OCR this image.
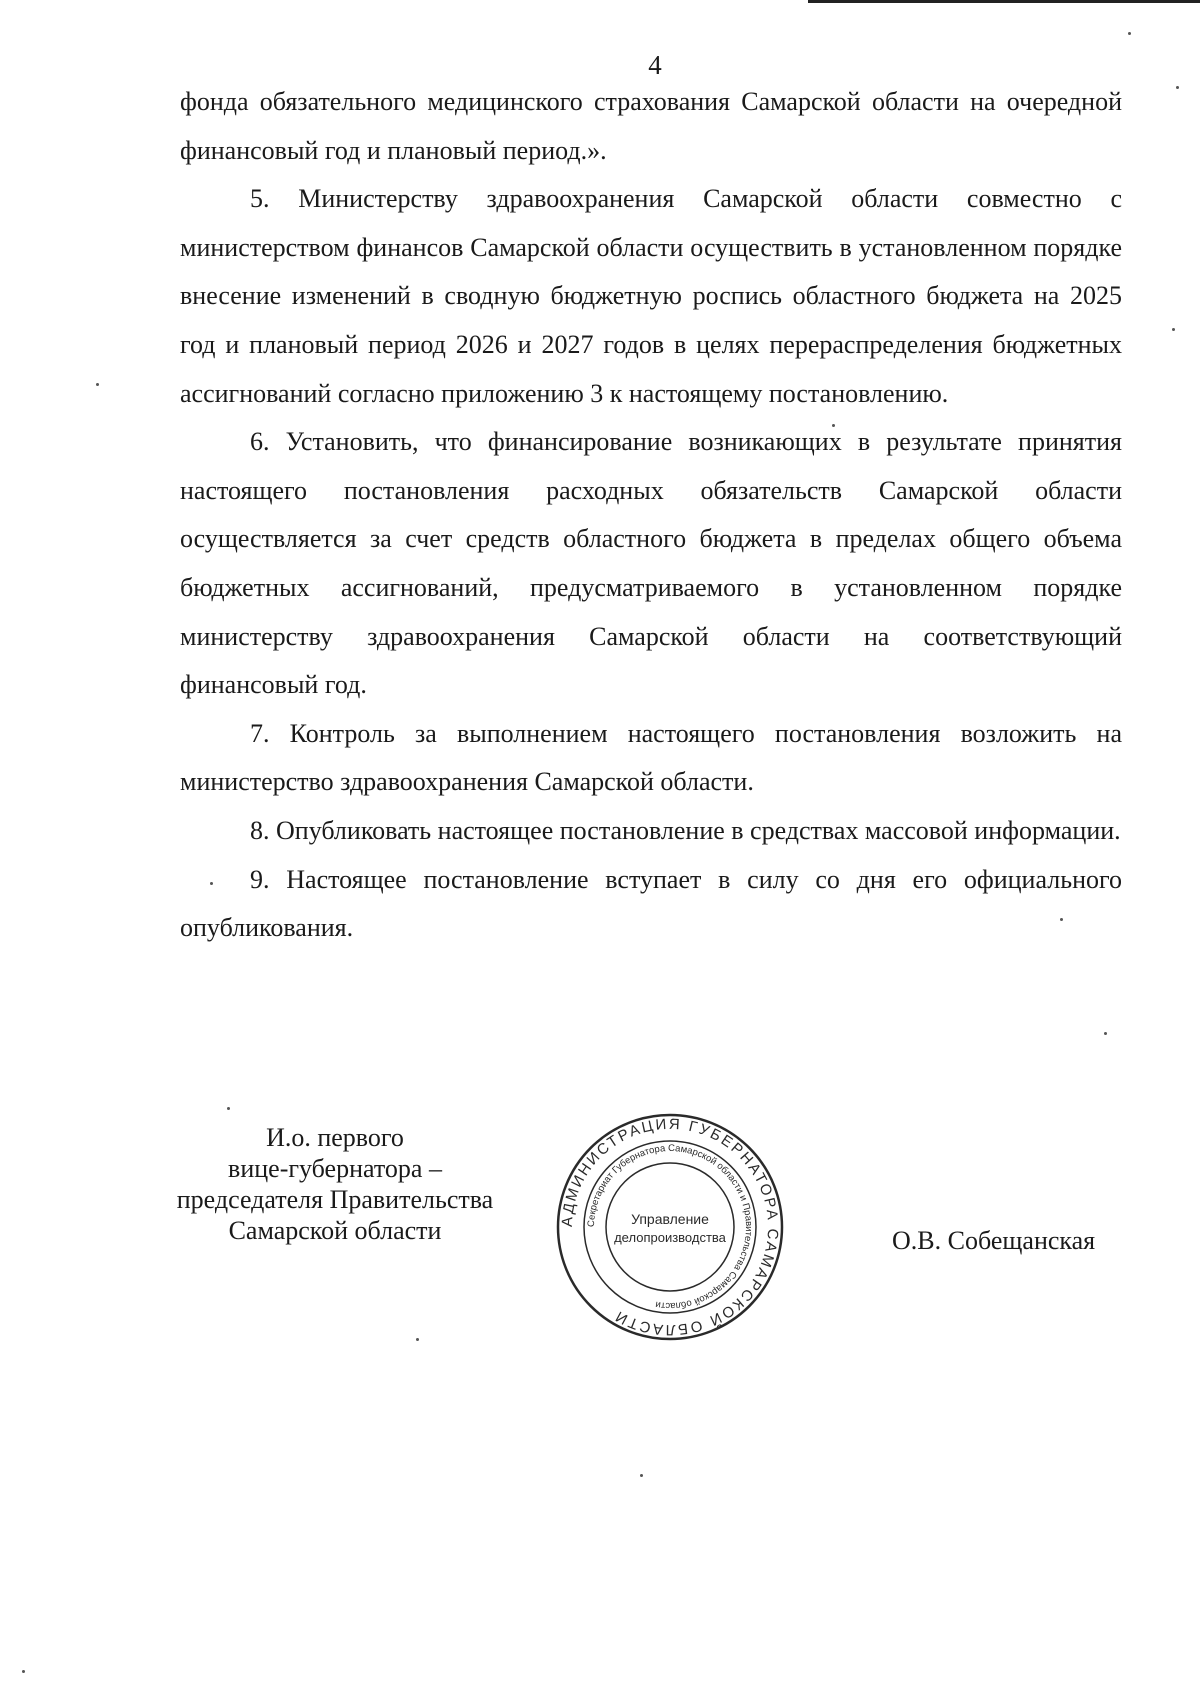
4

фонда обязательного медицинского страхования Самарской области на очередной финансовый год и плановый период.».

5. Министерству здравоохранения Самарской области совместно с министерством финансов Самарской области осуществить в установленном порядке внесение изменений в сводную бюджетную роспись областного бюджета на 2025 год и плановый период 2026 и 2027 годов в целях перераспределения бюджетных ассигнований согласно приложению 3 к настоящему постановлению.

6. Установить, что финансирование возникающих в результате принятия настоящего постановления расходных обязательств Самарской области осуществляется за счет средств областного бюджета в пределах общего объема бюджетных ассигнований, предусматриваемого в установленном порядке министерству здравоохранения Самарской области на соответствующий финансовый год.

7. Контроль за выполнением настоящего постановления возложить на министерство здравоохранения Самарской области.

8. Опубликовать настоящее постановление в средствах массовой информации.

9. Настоящее постановление вступает в силу со дня его официального опубликования.

И.о. первого
вице-губернатора –
председателя Правительства
Самарской области	АДМИНИСТРАЦИЯ ГУБЕРНАТОРА САМАРСКОЙ ОБЛАСТИ
Секретариат Губернатора Самарской области и Правительства Самарской области
Управление
делопроизводства	О.В. Собещанская
